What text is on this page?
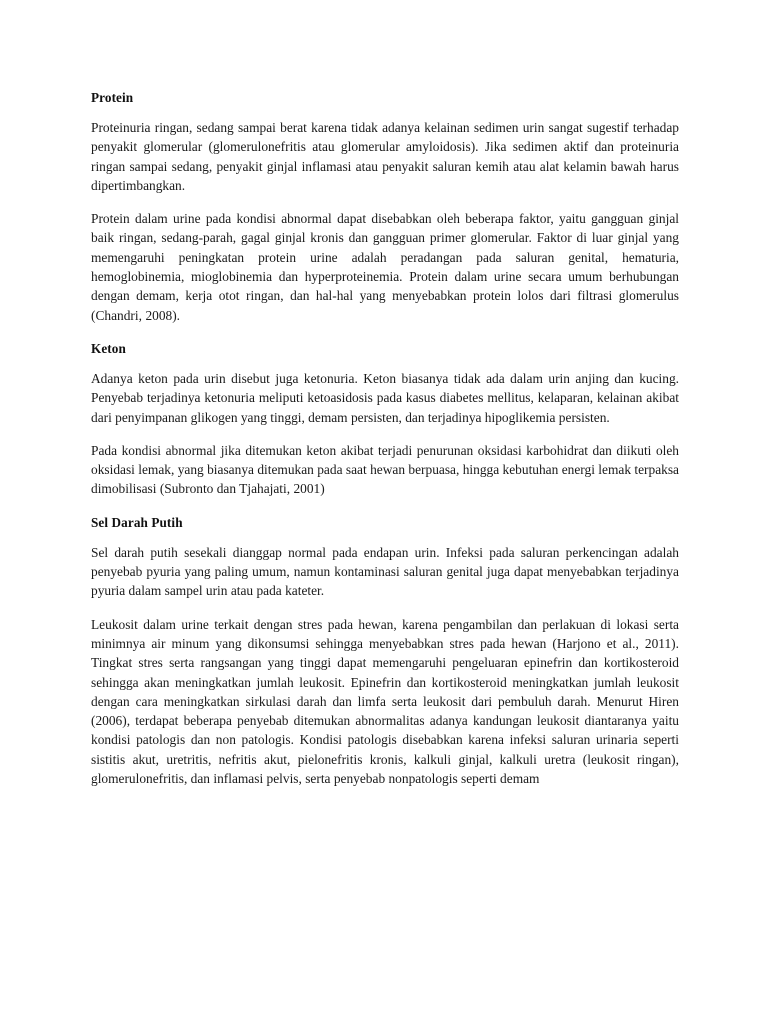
Protein

Proteinuria ringan, sedang sampai berat karena tidak adanya kelainan sedimen urin sangat sugestif terhadap penyakit glomerular (glomerulonefritis atau glomerular amyloidosis). Jika sedimen aktif dan proteinuria ringan sampai sedang, penyakit ginjal inflamasi atau penyakit saluran kemih atau alat kelamin bawah harus dipertimbangkan.

Protein dalam urine pada kondisi abnormal dapat disebabkan oleh beberapa faktor, yaitu gangguan ginjal baik ringan, sedang-parah, gagal ginjal kronis dan gangguan primer glomerular. Faktor di luar ginjal yang memengaruhi peningkatan protein urine adalah peradangan pada saluran genital, hematuria, hemoglobinemia, mioglobinemia dan hyperproteinemia. Protein dalam urine secara umum berhubungan dengan demam, kerja otot ringan, dan hal-hal yang menyebabkan protein lolos dari filtrasi glomerulus (Chandri, 2008).

Keton

Adanya keton pada urin disebut juga ketonuria. Keton biasanya tidak ada dalam urin anjing dan kucing. Penyebab terjadinya ketonuria meliputi ketoasidosis pada kasus diabetes mellitus, kelaparan, kelainan akibat dari penyimpanan glikogen yang tinggi, demam persisten, dan terjadinya hipoglikemia persisten.

Pada kondisi abnormal jika ditemukan keton akibat terjadi penurunan oksidasi karbohidrat dan diikuti oleh oksidasi lemak, yang biasanya ditemukan pada saat hewan berpuasa, hingga kebutuhan energi lemak terpaksa dimobilisasi (Subronto dan Tjahajati, 2001)

Sel Darah Putih

Sel darah putih sesekali dianggap normal pada endapan urin. Infeksi pada saluran perkencingan adalah penyebab pyuria yang paling umum, namun kontaminasi saluran genital juga dapat menyebabkan terjadinya pyuria dalam sampel urin atau pada kateter.

Leukosit dalam urine terkait dengan stres pada hewan, karena pengambilan dan perlakuan di lokasi serta minimnya air minum yang dikonsumsi sehingga menyebabkan stres pada hewan (Harjono et al., 2011). Tingkat stres serta rangsangan yang tinggi dapat memengaruhi pengeluaran epinefrin dan kortikosteroid sehingga akan meningkatkan jumlah leukosit. Epinefrin dan kortikosteroid meningkatkan jumlah leukosit dengan cara meningkatkan sirkulasi darah dan limfa serta leukosit dari pembuluh darah. Menurut Hiren (2006), terdapat beberapa penyebab ditemukan abnormalitas adanya kandungan leukosit diantaranya yaitu kondisi patologis dan non patologis. Kondisi patologis disebabkan karena infeksi saluran urinaria seperti sistitis akut, uretritis, nefritis akut, pielonefritis kronis, kalkuli ginjal, kalkuli uretra (leukosit ringan), glomerulonefritis, dan inflamasi pelvis, serta penyebab nonpatologis seperti demam
